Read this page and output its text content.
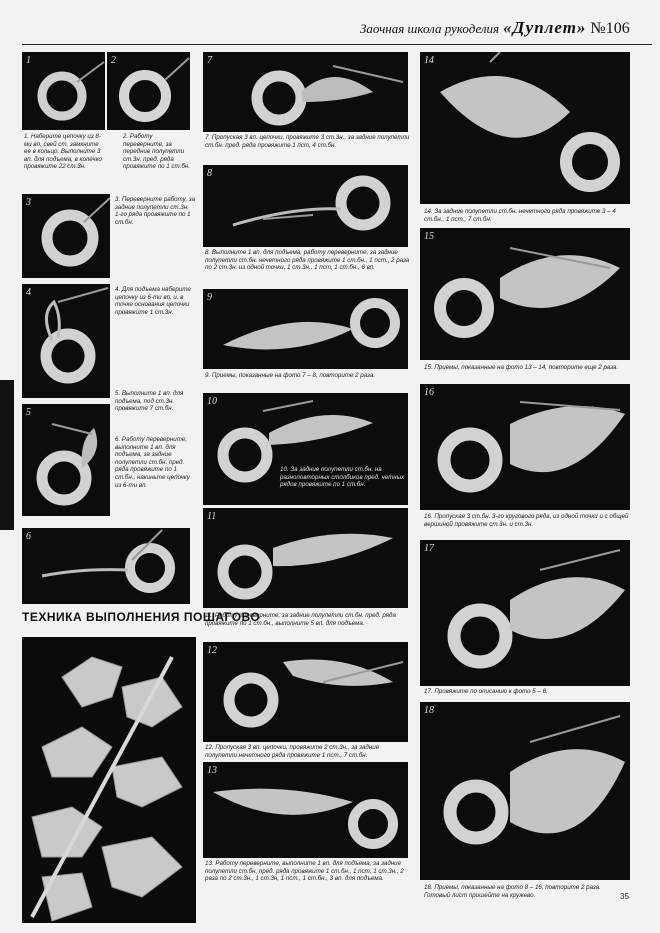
Заочная школа рукоделия «Дуплет» №106
1	2
1. Наберите цепочку из 8-ми вп, свей ст. замкните ее в кольцо. Выполните 3 вп. для подъема, в колечко провяжите 22 ст.3н.
2. Работу переверните, за передние полупетли ст.3н. пред. ряда провяжите по 1 ст.бн.
3	3. Переверните работу, за задние полупетли ст.3н. 1-го ряда провяжите по 1 ст.бн.
4	4. Для подъема наберите цепочку из 6-ти вп. и, в точке основания цепочки провяжите 1 ст.3н.
5. Выполните 1 вп. для подъема, под ст.3н. провяжите 7 ст.бн.
5
6. Работу переверните, выполните 1 вп. для подъема, за задние полупетли ст.бн. пред. ряда провяжите по 1 ст.бн., накиньте цепочку из 6-ти вп.
6
ТЕХНИКА ВЫПОЛНЕНИЯ ПОШАГОВО
7
7. Пропуская 3 вп. цепочки, провяжите 3 ст.3н., за задние полупетли ст.бн. пред. ряда провяжите 1 пст, 4 ст.бн.
8
8. Выполните 1 вп. для подъема, работу переверните, за задние полупетли ст.бн. нечетного ряда провяжите 1 ст.бн., 1 пст., 2 раза по 2 ст.3н. из одной точки, 1 ст.3н., 1 пст, 1 ст.бн., 6 вп.
9
9. Приемы, показанные на фото 7 – 8, повторите 2 раза.
10
10. За задние полупетли ст.бн. на разноповторных столбиков пред. четных рядов провяжите по 1 ст.бн.
11
11. Работу переверните, за задние полупетли ст.бн. пред. ряда провяжите по 1 ст.бн., выполните 5 вп. для подъема.
12
12. Пропуская 3 вп. цепочки, провяжите 2 ст.3н., за задние полупетли нечетного ряда провяжите 1 пст., 7 ст.бн.
13
13. Работу переверните, выполните 1 вп. для подъема, за задние полупетли ст.бн. пред. ряда провяжите 1 ст.бн., 1 пст, 1 ст.3н., 2 раза по 2 ст.3н., 1 ст.3н, 1 пст., 1 ст.бн., 3 вп. для подъема.
14
14. За задние полупетли ст.бн. нечетного ряда провяжите 3 – 4 ст.бн., 1 пст., 7 ст.бн.
15
15. Приемы, показанные на фото 13 – 14, повторите еще 2 раза.
16
16. Пропуская 3 ст.бн. 3-го кругового ряда, из одной точки и с общей вершиной провяжите ст.3н. и ст.3н.
17
17. Провяжите по описанию к фото 5 – 6.
18
18. Приемы, показанные на фото 8 – 16, повторите 2 раза. Готовый лист пришейте на кружево.	35
